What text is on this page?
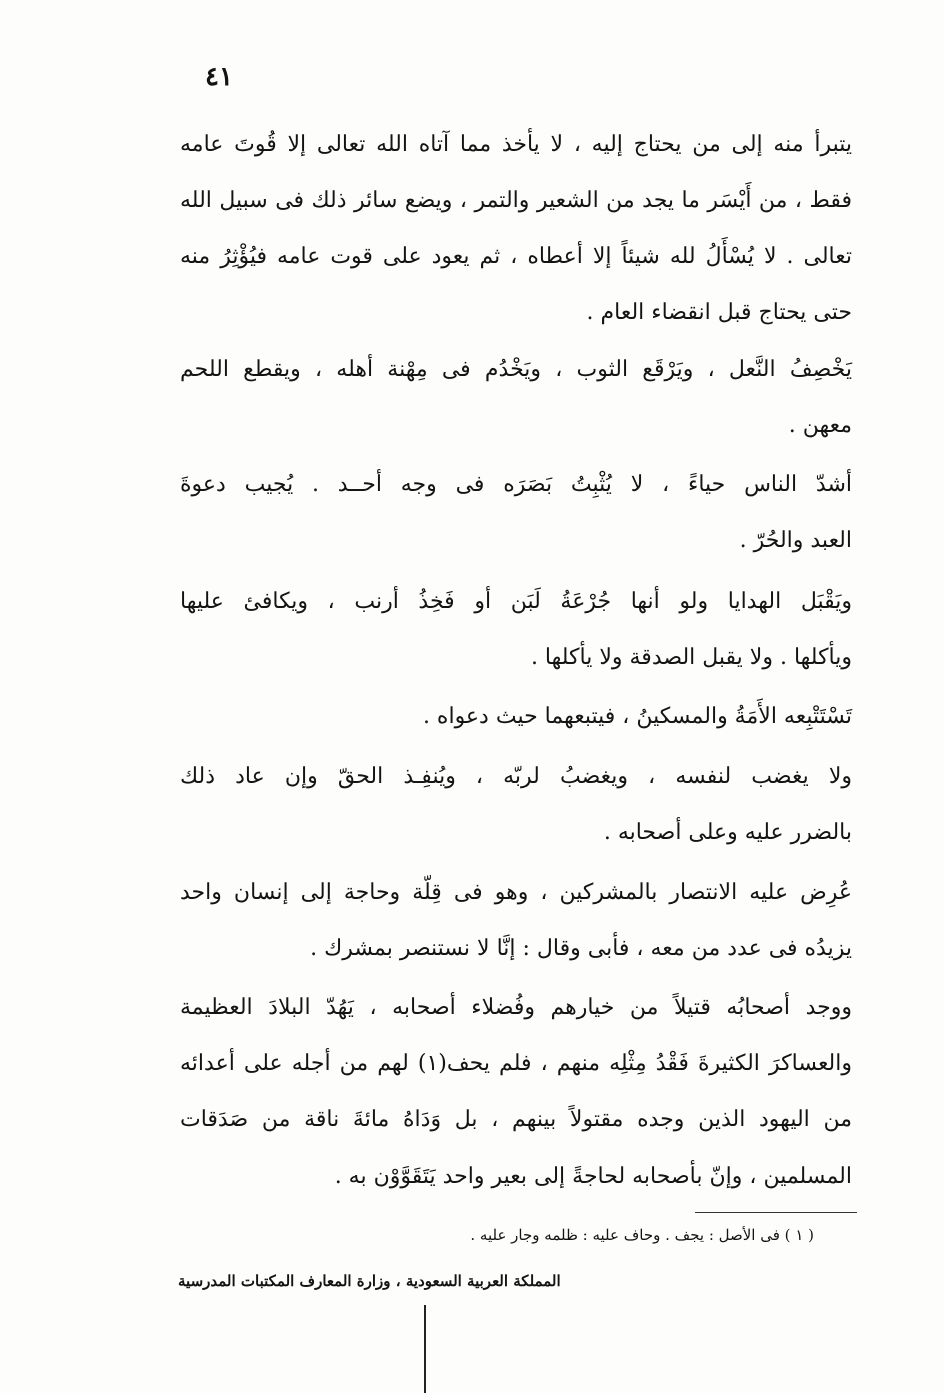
٤١
يتبرأ منه إلى من يحتاج إليه ، لا يأخذ مما آتاه الله تعالى إلا قُوتَ عامه
فقط ، من أَيْسَر ما يجد من الشعير والتمر ، ويضع سائر ذلك فى سبيل الله
تعالى . لا يُسْأَلُ لله شيئاً إلا أعطاه ، ثم يعود على قوت عامه فيُؤْثِرُ منه
حتى يحتاج قبل انقضاء العام .
يَخْصِفُ النَّعل ، ويَرْقَع الثوب ، ويَخْدُم فى مِهْنة أهله ، ويقطع اللحم
معهن .
أشدّ الناس حياءً ، لا يُثْبِتُ بَصَرَه فى وجه أحــد . يُجيب دعوةَ
العبد والحُرّ .
ويَقْبَل الهدايا ولو أنها جُرْعَةُ لَبَن أو فَخِذُ أرنب ، ويكافئ عليها
ويأكلها . ولا يقبل الصدقة ولا يأكلها .
تَسْتَتْبِعه الأَمَةُ والمسكينُ ، فيتبعهما حيث دعواه .
ولا يغضب لنفسه ، ويغضبُ لربّه ، ويُنفِـذ الحقّ وإن عاد ذلك
بالضرر عليه وعلى أصحابه .
عُرِض عليه الانتصار بالمشركين ، وهو فى قِلّة وحاجة إلى إنسان واحد
يزيدُه فى عدد من معه ، فأبى وقال : إنَّا لا نستنصر بمشرك .
ووجد أصحابُه قتيلاً من خيارهم وفُضلاء أصحابه ، يَهُدّ البلادَ العظيمة
والعساكرَ الكثيرةَ فَقْدُ مِثْلِه منهم ، فلم يحف(١) لهم من أجله على أعدائه
من اليهود الذين وجده مقتولاً بينهم ، بل وَدَاهُ مائةَ ناقة من صَدَقات
المسلمين ، وإنّ بأصحابه لحاجةً إلى بعير واحد يَتَقَوَّوْن به .
( ١ ) فى الأصل : يجف . وحاف عليه : ظلمه وجار عليه .
المملكة العربية السعودية ، وزارة المعارف المكتبات المدرسية
